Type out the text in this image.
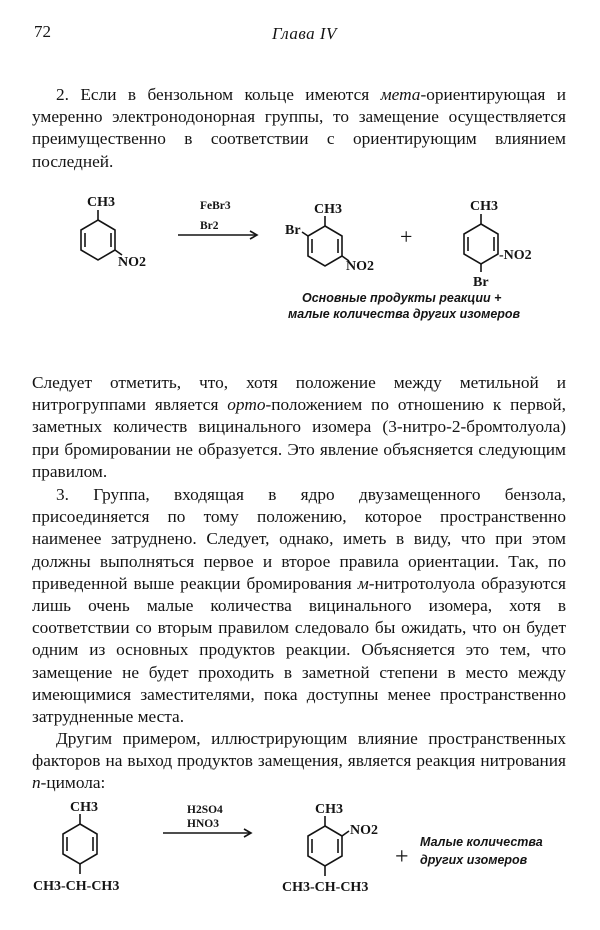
72	Глава IV
2. Если в бензольном кольце имеются мета-ориентирующая и умеренно электронодонорная группы, то замещение осуществляется преимущественно в соответствии с ориентирующим влиянием последней.
CH3
NO2
FeBr3
Br2
CH3
Br
NO2
+
CH3
-NO2
Br
Основные продукты реакции +
малые количества других изомеров
Следует отметить, что, хотя положение между метильной и нитрогруппами является орто-положением по отношению к первой, заметных количеств вицинального изомера (3-нитро-2-бромтолуола) при бромировании не образуется. Это явление объясняется следующим правилом.
3. Группа, входящая в ядро двузамещенного бензола, присоединяется по тому положению, которое пространственно наименее затруднено. Следует, однако, иметь в виду, что при этом должны выполняться первое и второе правила ориентации. Так, по приведенной выше реакции бромирования м-нитротолуола образуются лишь очень малые количества вицинального изомера, хотя в соответствии со вторым правилом следовало бы ожидать, что он будет одним из основных продуктов реакции. Объясняется это тем, что замещение не будет проходить в заметной степени в место между имеющимися заместителями, пока доступны менее пространственно затрудненные места.
Другим примером, иллюстрирующим влияние пространственных факторов на выход продуктов замещения, является реакция нитрования п-цимола:
CH3
CH3-CH-CH3
H2SO4
HNO3
CH3
NO2
CH3-CH-CH3
+
Малые количества
других изомеров
